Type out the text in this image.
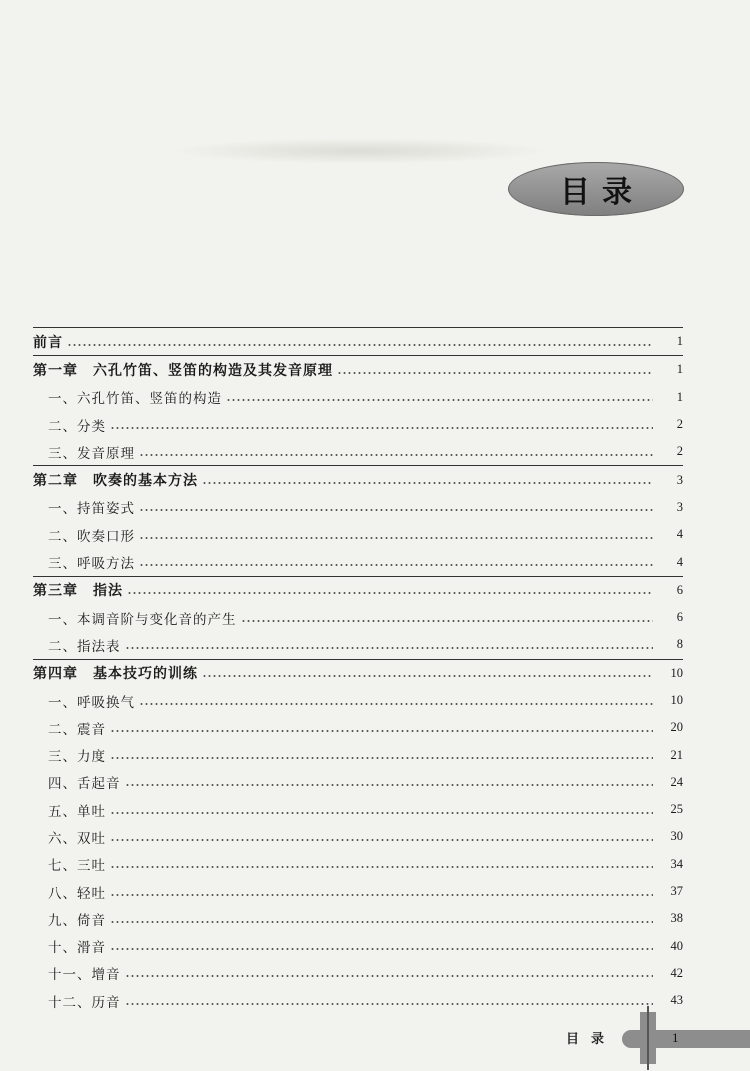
目录
前言	1
第一章　六孔竹笛、竖笛的构造及其发音原理	1
一、六孔竹笛、竖笛的构造	1
二、分类	2
三、发音原理	2
第二章　吹奏的基本方法	3
一、持笛姿式	3
二、吹奏口形	4
三、呼吸方法	4
第三章　指法	6
一、本调音阶与变化音的产生	6
二、指法表	8
第四章　基本技巧的训练	10
一、呼吸换气	10
二、震音	20
三、力度	21
四、舌起音	24
五、单吐	25
六、双吐	30
七、三吐	34
八、轻吐	37
九、倚音	38
十、滑音	40
十一、增音	42
十二、历音	43
目录	1
